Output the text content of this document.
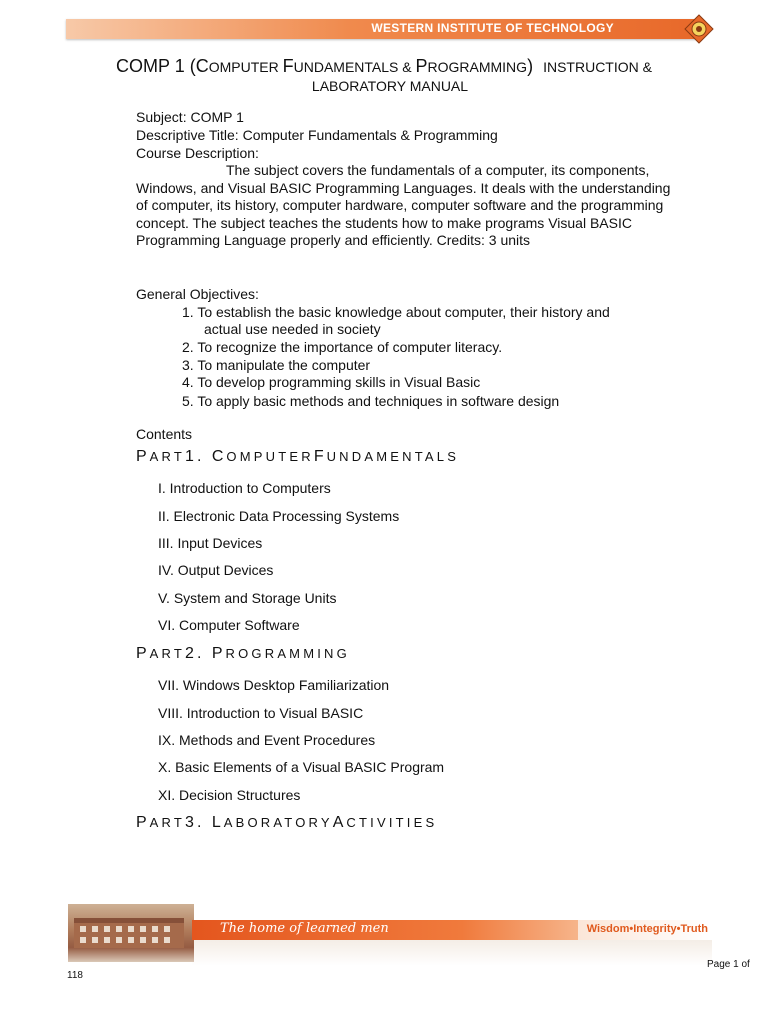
WESTERN INSTITUTE OF TECHNOLOGY
COMP 1 (COMPUTER FUNDAMENTALS & PROGRAMMING) INSTRUCTION &
LABORATORY MANUAL
Subject: COMP 1
Descriptive Title: Computer Fundamentals & Programming
Course Description:
The subject covers the fundamentals of a computer, its components, Windows, and Visual BASIC Programming Languages. It deals with the understanding of computer, its history, computer hardware, computer software and the programming concept. The subject teaches the students how to make programs Visual BASIC Programming Language properly and efficiently. Credits: 3 units
General Objectives:
1. To establish the basic knowledge about computer, their history and
actual use needed in society
2. To recognize the importance of computer literacy.
3. To manipulate the computer
4. To develop programming skills in Visual Basic
5. To apply basic methods and techniques in software design
Contents
PART1. COMPUTERFUNDAMENTALS
I. Introduction to Computers
II. Electronic Data Processing Systems
III. Input Devices
IV. Output Devices
V. System and Storage Units
VI. Computer Software
PART2. PROGRAMMING
VII. Windows Desktop Familiarization
VIII. Introduction to Visual BASIC
IX. Methods and Event Procedures
X. Basic Elements of a Visual BASIC Program
XI. Decision Structures
PART3. LABORATORYACTIVITIES
The home of learned men	Wisdom•Integrity•Truth
Page 1 of
118
